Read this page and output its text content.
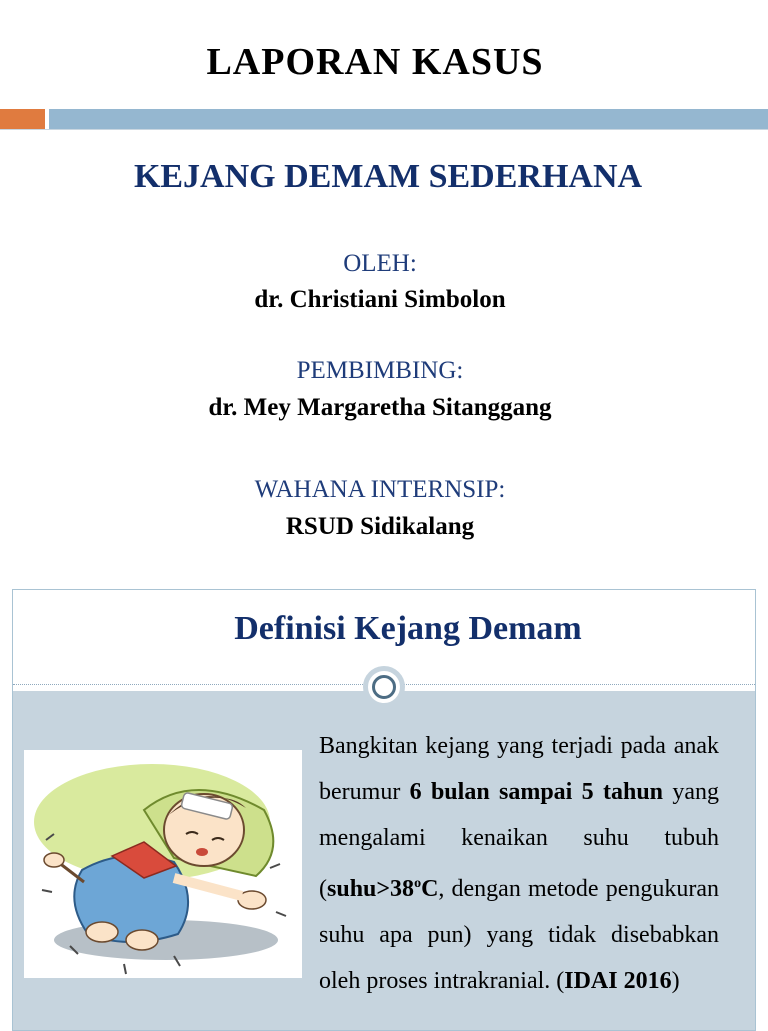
LAPORAN KASUS
KEJANG DEMAM SEDERHANA
OLEH:
dr. Christiani Simbolon
PEMBIMBING:
dr. Mey Margaretha Sitanggang
WAHANA INTERNSIP:
RSUD Sidikalang
Definisi Kejang Demam

Bangkitan kejang yang terjadi pada anak berumur 6 bulan sampai 5 tahun yang mengalami kenaikan suhu tubuh ($suhu>38^oC$, dengan metode pengukuran suhu apa pun) yang tidak disebabkan oleh proses intrakranial. (IDAI 2016)
